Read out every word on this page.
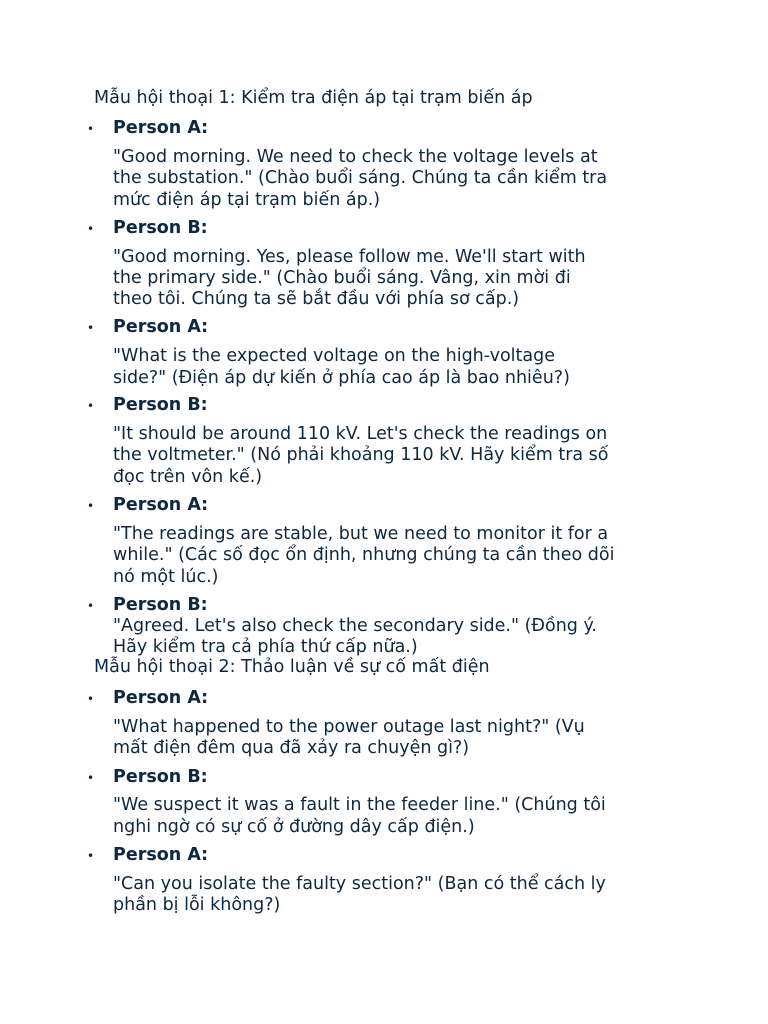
Mẫu hội thoại 1: Kiểm tra điện áp tại trạm biến áp
• Person A:
"Good morning. We need to check the voltage levels at
the substation." (Chào buổi sáng. Chúng ta cần kiểm tra
mức điện áp tại trạm biến áp.)
• Person B:
"Good morning. Yes, please follow me. We'll start with
the primary side." (Chào buổi sáng. Vâng, xin mời đi
theo tôi. Chúng ta sẽ bắt đầu với phía sơ cấp.)
• Person A:
"What is the expected voltage on the high-voltage
side?" (Điện áp dự kiến ở phía cao áp là bao nhiêu?)
• Person B:
"It should be around 110 kV. Let's check the readings on
the voltmeter." (Nó phải khoảng 110 kV. Hãy kiểm tra số
đọc trên vôn kế.)
• Person A:
"The readings are stable, but we need to monitor it for a
while." (Các số đọc ổn định, nhưng chúng ta cần theo dõi
nó một lúc.)
• Person B:
"Agreed. Let's also check the secondary side." (Đồng ý.
Hãy kiểm tra cả phía thứ cấp nữa.)
Mẫu hội thoại 2: Thảo luận về sự cố mất điện
• Person A:
"What happened to the power outage last night?" (Vụ
mất điện đêm qua đã xảy ra chuyện gì?)
• Person B:
"We suspect it was a fault in the feeder line." (Chúng tôi
nghi ngờ có sự cố ở đường dây cấp điện.)
• Person A:
"Can you isolate the faulty section?" (Bạn có thể cách ly
phần bị lỗi không?)
